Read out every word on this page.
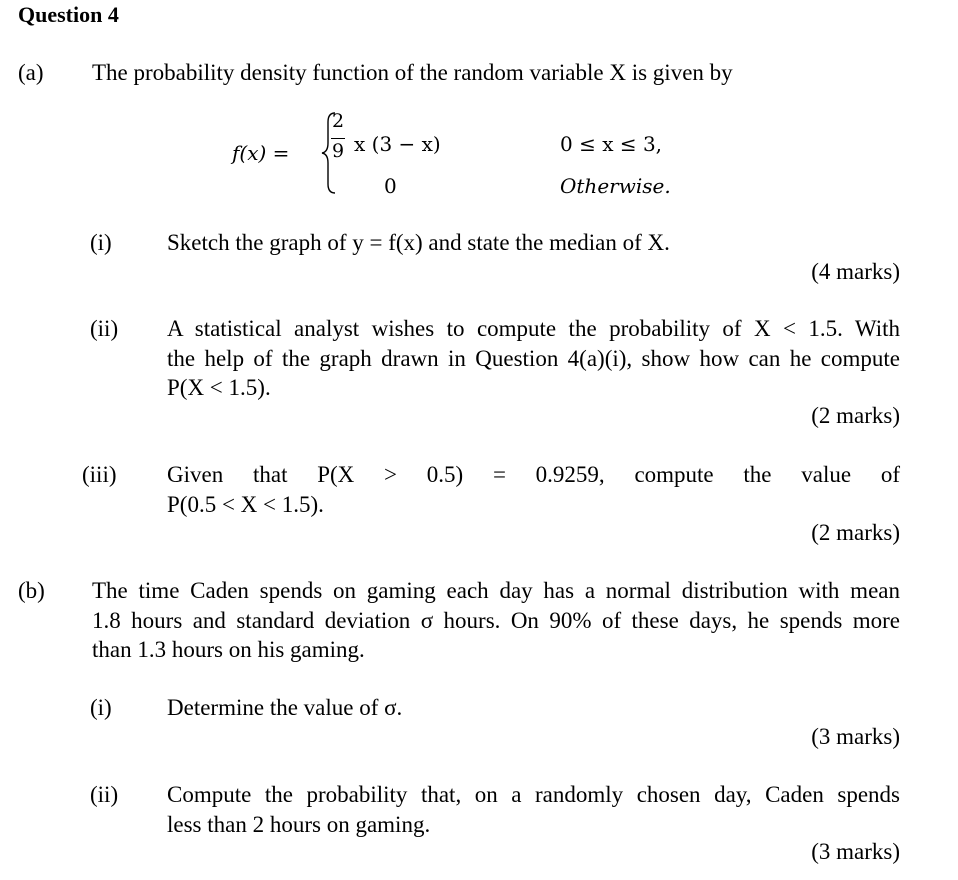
Question 4
(a) The probability density function of the random variable X is given by
f(x) =
2
9 x (3 − x)	0 ≤ x ≤ 3,
0	Otherwise.
(i) Sketch the graph of y = f(x) and state the median of X.
(4 marks)
(ii) A statistical analyst wishes to compute the probability of X < 1.5. With
the help of the graph drawn in Question 4(a)(i), show how can he compute
P(X < 1.5).
(2 marks)
(iii) Given that P(X > 0.5) = 0.9259, compute the value of
P(0.5 < X < 1.5).
(2 marks)
(b) The time Caden spends on gaming each day has a normal distribution with mean
1.8 hours and standard deviation σ hours. On 90% of these days, he spends more
than 1.3 hours on his gaming.
(i) Determine the value of σ.
(3 marks)
(ii) Compute the probability that, on a randomly chosen day, Caden spends
less than 2 hours on gaming.
(3 marks)
